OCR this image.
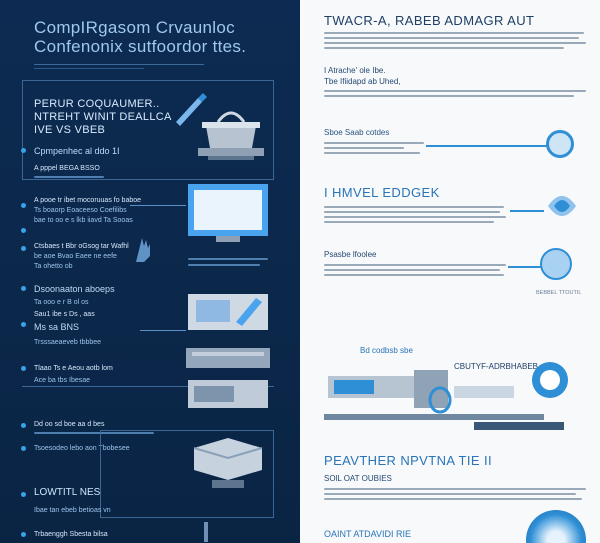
CompIRgasom Crvaunloc
Confenonix sutfoordor ttes.
PERUR COQUAUMER..
NTREHT WINIT DEALLCA
IVE VS VBEB
Cpmpenhec al ddo 1I
A pppel BEGA BSSO
A pooe tr ibet mocoruuas fo baboe
Ts boaorp Eoaceeso Coefilibs
bae to oo e s lkb iiavd Ta Sooas
Ctsbaes t Bbr oGsog tar Wafhl
be aoe Bvao Eaee ne eefe
Ta ohetto ob
Dsoonaaton aboeps
Ta ooo e r B ol os
Sau1 ibe s Ds , aas
Ms sa BNS
Trsssaeaeveb tbbbee
Tlaao Ts e Aeou aotb lom
Ace ba tbs Ibesae
Dd oo sd boe aa d bes
Tsoesodeo lebo aon Tbobesee
LOWTITL NES
Ibae tan ebeb betioas vn
Trbaenggh Sbesta bilsa
TWACR-A, RABEB ADMAGR AUT
I Atrache' ole Ibe.
Tbe Ifiidapd ab Uhed,
Sboe Saab cotdes
I HMVEL EDDGEK
Psasbe lfoolee
BEBBEL TTOUTIL
Bd codbsb sbe
CBUTYF-ADRBHABEB
PEAVTHER NPVTNA TIE II
SOlL OAT OUBIES
OAINT ATDAVIDI RIE
